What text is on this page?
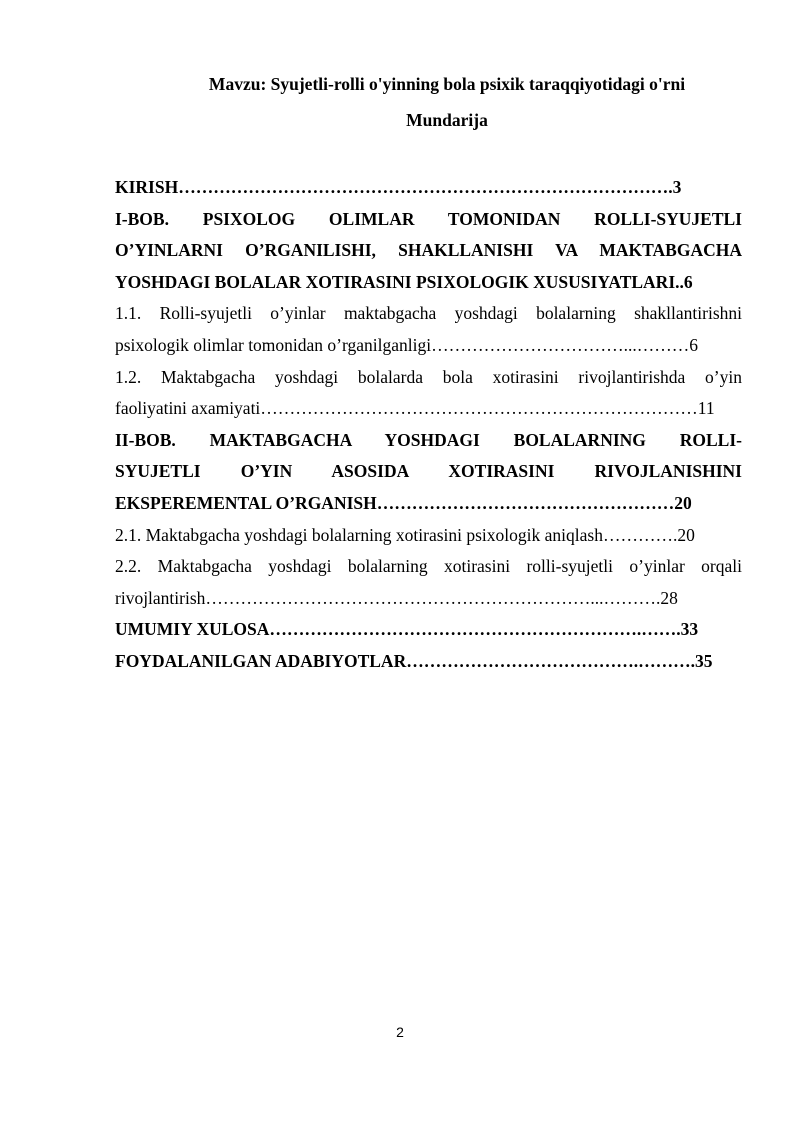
Mavzu: Syujetli-rolli o'yinning bola psixik taraqqiyotidagi o'rni
Mundarija
KIRISH………………………………………………………………………….3
I-BOB. PSIXOLOG OLIMLAR TOMONIDAN ROLLI-SYUJETLI
O’YINLARNI O’RGANILISHI, SHAKLLANISHI VA MAKTABGACHA
YOSHDAGI BOLALAR XOTIRASINI PSIXOLOGIK XUSUSIYATLARI..6
1.1. Rolli-syujetli o’yinlar maktabgacha yoshdagi bolalarning shakllantirishni
psixologik olimlar tomonidan o’rganilganligi……………………………...………6
1.2. Maktabgacha yoshdagi bolalarda bola xotirasini rivojlantirishda o’yin
faoliyatini axamiyati…………………………………………………………………11
II-BOB. MAKTABGACHA YOSHDAGI BOLALARNING ROLLI-
SYUJETLI O’YIN ASOSIDA XOTIRASINI RIVOJLANISHINI
EKSPEREMENTAL O’RGANISH……………………………………………20
2.1. Maktabgacha yoshdagi bolalarning xotirasini psixologik aniqlash………….20
2.2. Maktabgacha yoshdagi bolalarning xotirasini rolli-syujetli o’yinlar orqali
rivojlantirish…………………………………………………………...……….28
UMUMIY XULOSA……………………………………………………….…….33
FOYDALANILGAN ADABIYOTLAR………………………………….……….35
2
